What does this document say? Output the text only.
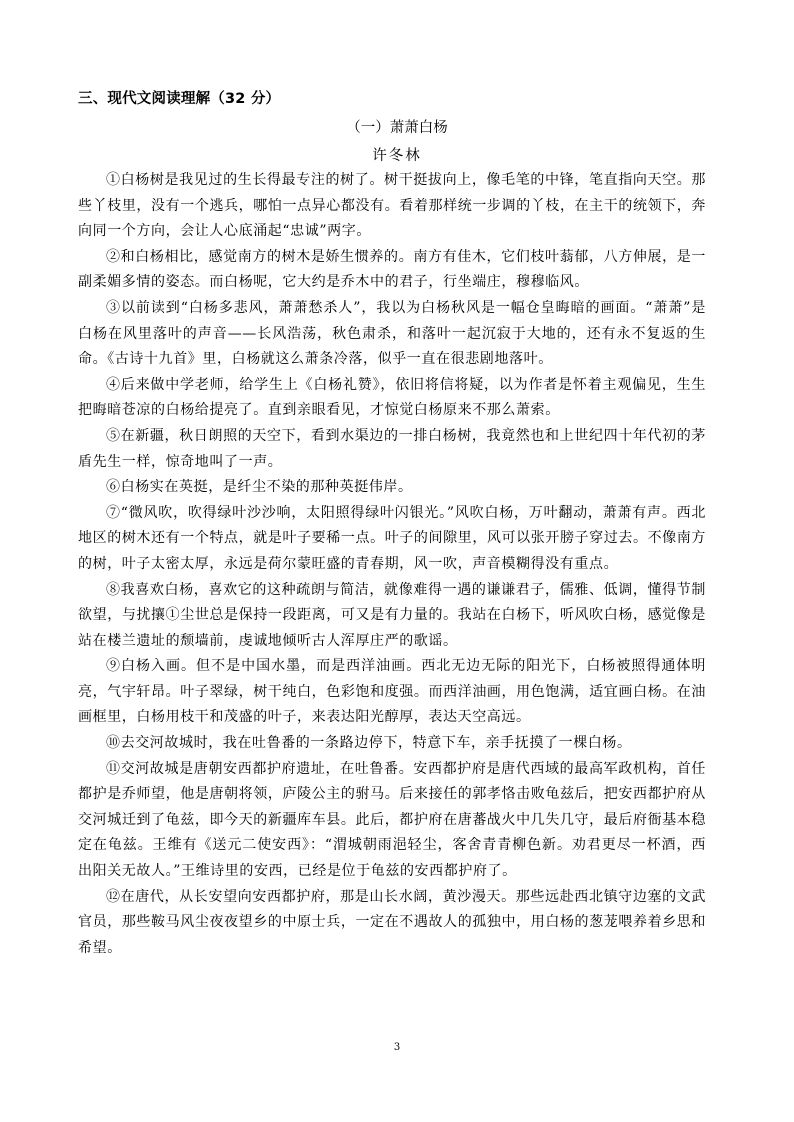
三、现代文阅读理解（32 分）
（一）萧萧白杨
许冬林

①白杨树是我见过的生长得最专注的树了。树干挺拔向上，像毛笔的中锋，笔直指向天空。那些丫枝里，没有一个逃兵，哪怕一点异心都没有。看着那样统一步调的丫枝，在主干的统领下，奔向同一个方向，会让人心底涌起“忠诚”两字。

②和白杨相比，感觉南方的树木是娇生惯养的。南方有佳木，它们枝叶蓊郁，八方伸展，是一副柔媚多情的姿态。而白杨呢，它大约是乔木中的君子，行坐端庄，穆穆临风。

③以前读到“白杨多悲风，萧萧愁杀人”，我以为白杨秋风是一幅仓皇晦暗的画面。“萧萧”是白杨在风里落叶的声音——长风浩荡，秋色肃杀，和落叶一起沉寂于大地的，还有永不复返的生命。《古诗十九首》里，白杨就这么萧条冷落，似乎一直在很悲剧地落叶。

④后来做中学老师，给学生上《白杨礼赞》，依旧将信将疑，以为作者是怀着主观偏见，生生把晦暗苍凉的白杨给提亮了。直到亲眼看见，才惊觉白杨原来不那么萧索。

⑤在新疆，秋日朗照的天空下，看到水渠边的一排白杨树，我竟然也和上世纪四十年代初的茅盾先生一样，惊奇地叫了一声。

⑥白杨实在英挺，是纤尘不染的那种英挺伟岸。

⑦“微风吹，吹得绿叶沙沙响，太阳照得绿叶闪银光。”风吹白杨，万叶翻动，萧萧有声。西北地区的树木还有一个特点，就是叶子要稀一点。叶子的间隙里，风可以张开膀子穿过去。不像南方的树，叶子太密太厚，永远是荷尔蒙旺盛的青春期，风一吹，声音模糊得没有重点。

⑧我喜欢白杨，喜欢它的这种疏朗与简洁，就像难得一遇的谦谦君子，儒雅、低调，懂得节制欲望，与扰攘①尘世总是保持一段距离，可又是有力量的。我站在白杨下，听风吹白杨，感觉像是站在楼兰遗址的颓墙前，虔诚地倾听古人浑厚庄严的歌谣。

⑨白杨入画。但不是中国水墨，而是西洋油画。西北无边无际的阳光下，白杨被照得通体明亮，气宇轩昂。叶子翠绿，树干纯白，色彩饱和度强。而西洋油画，用色饱满，适宜画白杨。在油画框里，白杨用枝干和茂盛的叶子，来表达阳光醇厚，表达天空高远。

⑩去交河故城时，我在吐鲁番的一条路边停下，特意下车，亲手抚摸了一棵白杨。

⑪交河故城是唐朝安西都护府遗址，在吐鲁番。安西都护府是唐代西域的最高军政机构，首任都护是乔师望，他是唐朝将领，庐陵公主的驸马。后来接任的郭孝恪击败龟兹后，把安西都护府从交河城迁到了龟兹，即今天的新疆库车县。此后，都护府在唐蕃战火中几失几守，最后府衙基本稳定在龟兹。王维有《送元二使安西》：“渭城朝雨浥轻尘，客舍青青柳色新。劝君更尽一杯酒，西出阳关无故人。”王维诗里的安西，已经是位于龟兹的安西都护府了。

⑫在唐代，从长安望向安西都护府，那是山长水阔，黄沙漫天。那些远赴西北镇守边塞的文武官员，那些鞍马风尘夜夜望乡的中原士兵，一定在不遇故人的孤独中，用白杨的葱茏喂养着乡思和希望。

3
